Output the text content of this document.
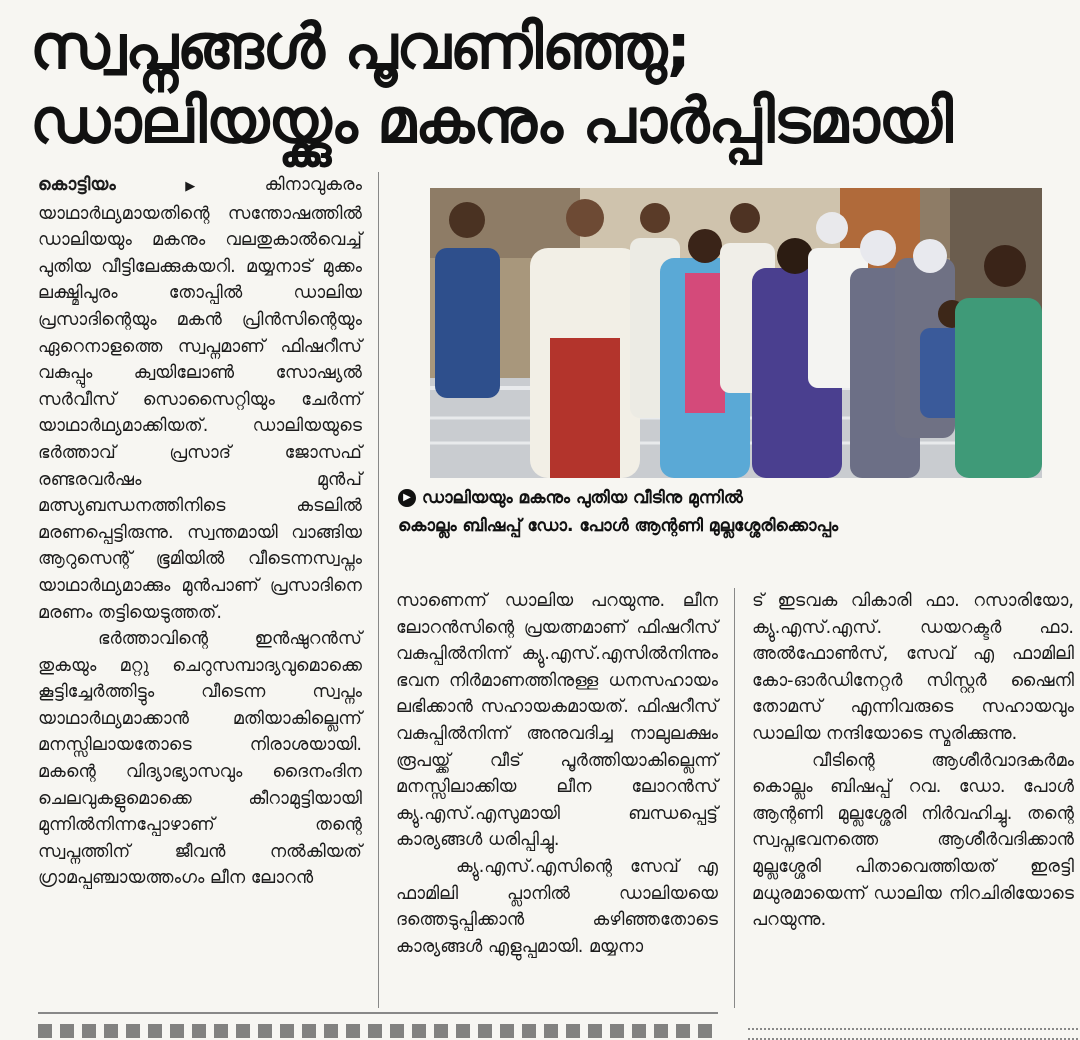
സ്വപ്നങ്ങൾ പൂവണിഞ്ഞു;
ഡാലിയയ്ക്കും മകനും പാർപ്പിടമായി

കൊട്ടിയം ▶ കിനാവുകരം യാഥാർഥ്യമായതിന്റെ സന്തോഷത്തിൽ ഡാലിയയും മകനും വലതുകാൽവെച്ച് പുതിയ വീട്ടിലേക്കുകയറി. മയ്യനാട് മുക്കം ലക്ഷ്മിപുരം തോപ്പിൽ ഡാലിയ പ്രസാദിന്റെയും മകൻ പ്രിൻസിന്റെയും ഏറെനാളത്തെ സ്വപ്നമാണ് ഫിഷറീസ് വകുപ്പും ക്വയിലോൺ സോഷ്യൽ സർവീസ് സൊസൈറ്റിയും ചേർന്ന് യാഥാർഥ്യമാക്കിയത്. ഡാലിയയുടെ ഭർത്താവ് പ്രസാദ് ജോസഫ് രണ്ടരവർഷം മുൻപ് മത്സ്യബന്ധനത്തിനിടെ കടലിൽ മരണപ്പെട്ടിരുന്നു. സ്വന്തമായി വാങ്ങിയ ആറുസെന്റ് ഭൂമിയിൽ വീടെന്നസ്വപ്നം യാഥാർഥ്യമാക്കും മുൻപാണ് പ്രസാദിനെ മരണം തട്ടിയെടുത്തത്.

ഭർത്താവിന്റെ ഇൻഷുറൻസ് തുകയും മറ്റു ചെറുസമ്പാദ്യവുമൊക്കെ കൂട്ടിച്ചേർത്തിട്ടും വീടെന്ന സ്വപ്നം യാഥാർഥ്യമാക്കാൻ മതിയാകില്ലെന്ന് മനസ്സിലായതോടെ നിരാശയായി. മകന്റെ വിദ്യാഭ്യാസവും ദൈനംദിന ചെലവുകളുമൊക്കെ കീറാമുട്ടിയായി മുന്നിൽനിന്നപ്പോഴാണ് തന്റെ സ്വപ്നത്തിന് ജീവൻ നൽകിയത് ഗ്രാമപ്പഞ്ചായത്തംഗം ലീന ലോറൻ

▶ ഡാലിയയും മകനും പുതിയ വീടിനു മുന്നിൽ
കൊല്ലം ബിഷപ്പ് ഡോ. പോൾ ആന്റണി മുല്ലശ്ശേരിക്കൊപ്പം

സാണെന്ന് ഡാലിയ പറയുന്നു. ലീന ലോറൻസിന്റെ പ്രയത്നമാണ് ഫിഷറീസ് വകുപ്പിൽനിന്ന് ക്യു.എസ്.എസിൽനിന്നും ഭവന നിർമാണത്തിനുള്ള ധനസഹായം ലഭിക്കാൻ സഹായകമായത്. ഫിഷറീസ് വകുപ്പിൽനിന്ന് അനുവദിച്ച നാലുലക്ഷം രൂപയ്ക്ക് വീട് പൂർത്തിയാകില്ലെന്ന് മനസ്സിലാക്കിയ ലീന ലോറൻസ് ക്യു.എസ്.എസുമായി ബന്ധപ്പെട്ട് കാര്യങ്ങൾ ധരിപ്പിച്ചു.

ക്യു.എസ്.എസിന്റെ സേവ് എ ഫാമിലി പ്ലാനിൽ ഡാലിയയെ ദത്തെടുപ്പിക്കാൻ കഴിഞ്ഞതോടെ കാര്യങ്ങൾ എളുപ്പമായി. മയ്യനാ

ട് ഇടവക വികാരി ഫാ. റസാരിയോ, ക്യു.എസ്.എസ്. ഡയറക്ടർ ഫാ. അൽഫോൺസ്, സേവ് എ ഫാമിലി കോ-ഓർഡിനേറ്റർ സിസ്റ്റർ ഷൈനി തോമസ് എന്നിവരുടെ സഹായവും ഡാലിയ നന്ദിയോടെ സ്മരിക്കുന്നു.

വീടിന്റെ ആശീർവാദകർമം കൊല്ലം ബിഷപ്പ് റവ. ഡോ. പോൾ ആന്റണി മുല്ലശ്ശേരി നിർവഹിച്ചു. തന്റെ സ്വപ്നഭവനത്തെ ആശീർവദിക്കാൻ മുല്ലശ്ശേരി പിതാവെത്തിയത് ഇരട്ടി മധുരമായെന്ന് ഡാലിയ നിറചിരിയോടെ പറയുന്നു.
